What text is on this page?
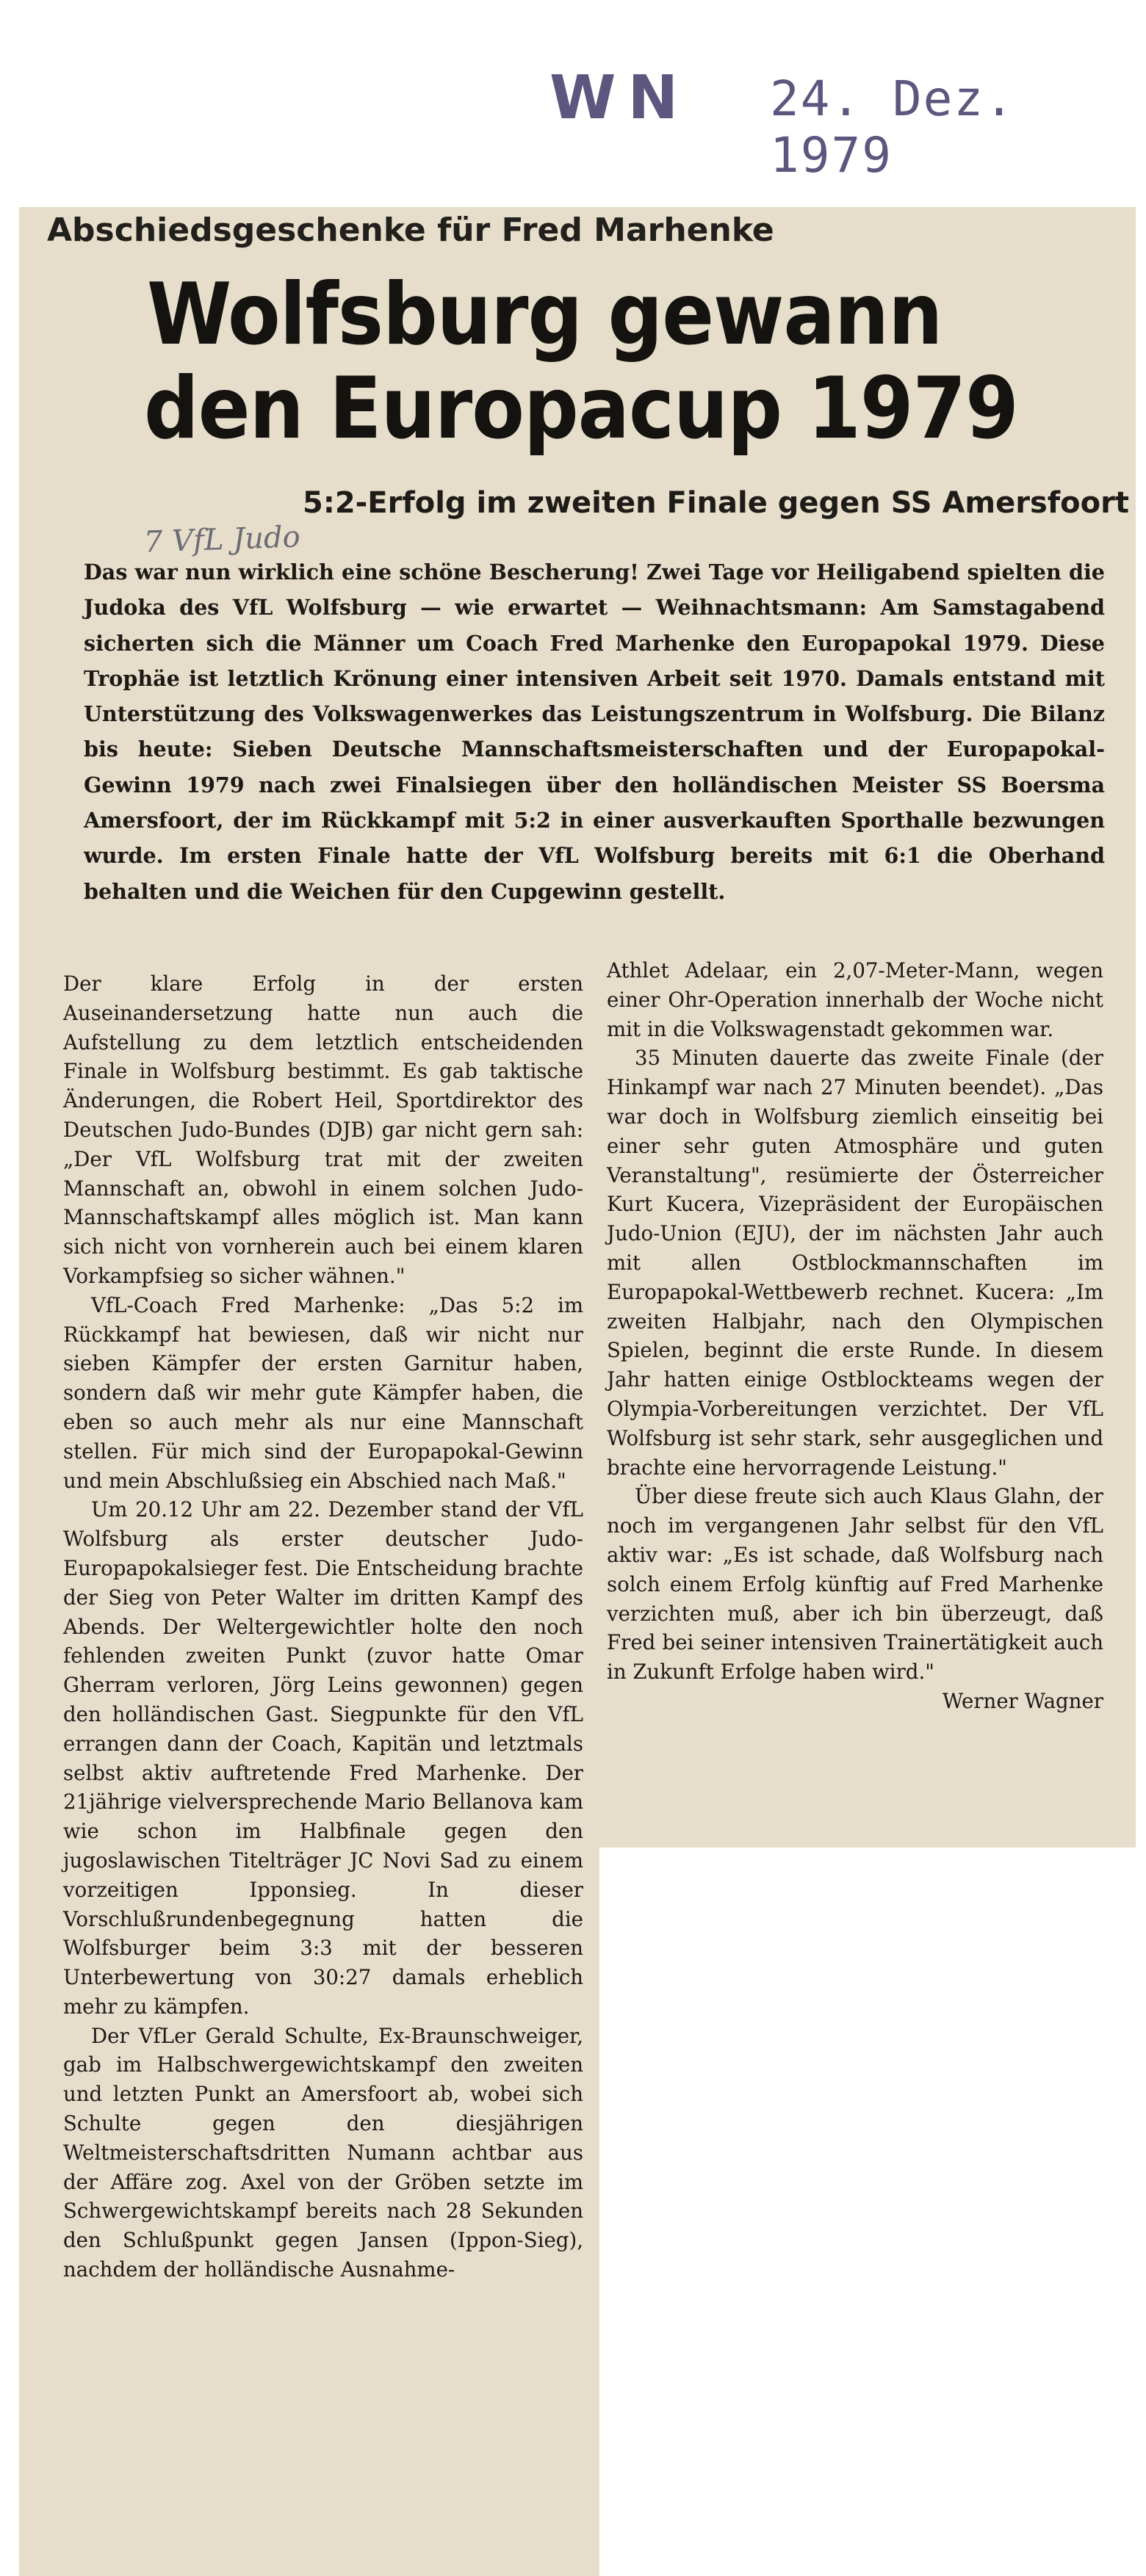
WN 24. Dez. 1979
Abschiedsgeschenke für Fred Marhenke
Wolfsburg gewann
den Europacup 1979
5:2-Erfolg im zweiten Finale gegen SS Amersfoort
7 VfL Judo
Das war nun wirklich eine schöne Bescherung! Zwei Tage vor Heiligabend spielten die Judoka des VfL Wolfsburg — wie erwartet — Weihnachtsmann: Am Samstagabend sicherten sich die Männer um Coach Fred Marhenke den Europapokal 1979. Diese Trophäe ist letztlich Krönung einer intensiven Arbeit seit 1970. Damals entstand mit Unterstützung des Volkswagenwerkes das Leistungszentrum in Wolfsburg. Die Bilanz bis heute: Sieben Deutsche Mannschaftsmeisterschaften und der Europapokal-Gewinn 1979 nach zwei Finalsiegen über den holländischen Meister SS Boersma Amersfoort, der im Rückkampf mit 5:2 in einer ausverkauften Sporthalle bezwungen wurde. Im ersten Finale hatte der VfL Wolfsburg bereits mit 6:1 die Oberhand behalten und die Weichen für den Cupgewinn gestellt.

Der klare Erfolg in der ersten Auseinandersetzung hatte nun auch die Aufstellung zu dem letztlich entscheidenden Finale in Wolfsburg bestimmt. Es gab taktische Änderungen, die Robert Heil, Sportdirektor des Deutschen Judo-Bundes (DJB) gar nicht gern sah: „Der VfL Wolfsburg trat mit der zweiten Mannschaft an, obwohl in einem solchen Judo-Mannschaftskampf alles möglich ist. Man kann sich nicht von vornherein auch bei einem klaren Vorkampfsieg so sicher wähnen."

VfL-Coach Fred Marhenke: „Das 5:2 im Rückkampf hat bewiesen, daß wir nicht nur sieben Kämpfer der ersten Garnitur haben, sondern daß wir mehr gute Kämpfer haben, die eben so auch mehr als nur eine Mannschaft stellen. Für mich sind der Europapokal-Gewinn und mein Abschlußsieg ein Abschied nach Maß."

Um 20.12 Uhr am 22. Dezember stand der VfL Wolfsburg als erster deutscher Judo-Europapokalsieger fest. Die Entscheidung brachte der Sieg von Peter Walter im dritten Kampf des Abends. Der Weltergewichtler holte den noch fehlenden zweiten Punkt (zuvor hatte Omar Gherram verloren, Jörg Leins gewonnen) gegen den holländischen Gast. Siegpunkte für den VfL errangen dann der Coach, Kapitän und letztmals selbst aktiv auftretende Fred Marhenke. Der 21jährige vielversprechende Mario Bellanova kam wie schon im Halbfinale gegen den jugoslawischen Titelträger JC Novi Sad zu einem vorzeitigen Ipponsieg. In dieser Vorschlußrundenbegegnung hatten die Wolfsburger beim 3:3 mit der besseren Unterbewertung von 30:27 damals erheblich mehr zu kämpfen.

Der VfLer Gerald Schulte, Ex-Braunschweiger, gab im Halbschwergewichtskampf den zweiten und letzten Punkt an Amersfoort ab, wobei sich Schulte gegen den diesjährigen Weltmeisterschaftsdritten Numann achtbar aus der Affäre zog. Axel von der Gröben setzte im Schwergewichtskampf bereits nach 28 Sekunden den Schlußpunkt gegen Jansen (Ippon-Sieg), nachdem der holländische Ausnahme-

Athlet Adelaar, ein 2,07-Meter-Mann, wegen einer Ohr-Operation innerhalb der Woche nicht mit in die Volkswagenstadt gekommen war.

35 Minuten dauerte das zweite Finale (der Hinkampf war nach 27 Minuten beendet). „Das war doch in Wolfsburg ziemlich einseitig bei einer sehr guten Atmosphäre und guten Veranstaltung", resümierte der Österreicher Kurt Kucera, Vizepräsident der Europäischen Judo-Union (EJU), der im nächsten Jahr auch mit allen Ostblockmannschaften im Europapokal-Wettbewerb rechnet. Kucera: „Im zweiten Halbjahr, nach den Olympischen Spielen, beginnt die erste Runde. In diesem Jahr hatten einige Ostblockteams wegen der Olympia-Vorbereitungen verzichtet. Der VfL Wolfsburg ist sehr stark, sehr ausgeglichen und brachte eine hervorragende Leistung."

Über diese freute sich auch Klaus Glahn, der noch im vergangenen Jahr selbst für den VfL aktiv war: „Es ist schade, daß Wolfsburg nach solch einem Erfolg künftig auf Fred Marhenke verzichten muß, aber ich bin überzeugt, daß Fred bei seiner intensiven Trainertätigkeit auch in Zukunft Erfolge haben wird."
Werner Wagner
